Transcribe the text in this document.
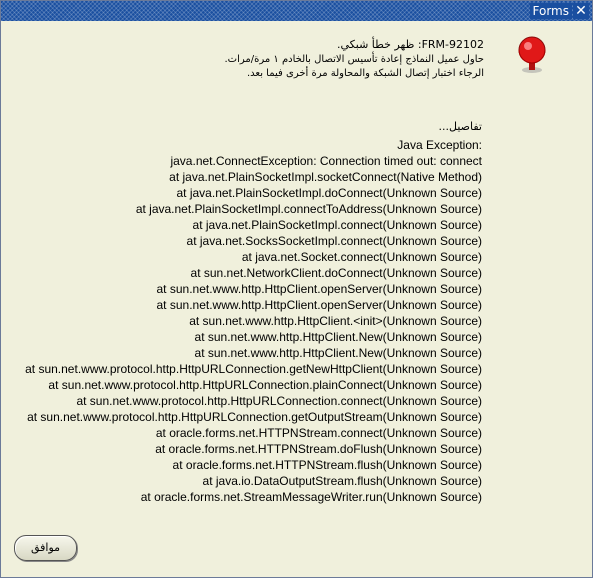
Forms ✕
FRM-92102: ظهر خطأ شبكي.
حاول عميل النماذج إعادة تأسيس الاتصال بالخادم ١ مرة/مرات.
الرجاء اختبار إتصال الشبكة والمحاولة مرة أخرى فيما بعد.
تفاصيل...
Java Exception:
java.net.ConnectException: Connection timed out: connect
at java.net.PlainSocketImpl.socketConnect(Native Method)
at java.net.PlainSocketImpl.doConnect(Unknown Source)
at java.net.PlainSocketImpl.connectToAddress(Unknown Source)
at java.net.PlainSocketImpl.connect(Unknown Source)
at java.net.SocksSocketImpl.connect(Unknown Source)
at java.net.Socket.connect(Unknown Source)
at sun.net.NetworkClient.doConnect(Unknown Source)
at sun.net.www.http.HttpClient.openServer(Unknown Source)
at sun.net.www.http.HttpClient.openServer(Unknown Source)
at sun.net.www.http.HttpClient.<init>(Unknown Source)
at sun.net.www.http.HttpClient.New(Unknown Source)
at sun.net.www.http.HttpClient.New(Unknown Source)
at sun.net.www.protocol.http.HttpURLConnection.getNewHttpClient(Unknown Source)
at sun.net.www.protocol.http.HttpURLConnection.plainConnect(Unknown Source)
at sun.net.www.protocol.http.HttpURLConnection.connect(Unknown Source)
at sun.net.www.protocol.http.HttpURLConnection.getOutputStream(Unknown Source)
at oracle.forms.net.HTTPNStream.connect(Unknown Source)
at oracle.forms.net.HTTPNStream.doFlush(Unknown Source)
at oracle.forms.net.HTTPNStream.flush(Unknown Source)
at java.io.DataOutputStream.flush(Unknown Source)
at oracle.forms.net.StreamMessageWriter.run(Unknown Source)
موافق
